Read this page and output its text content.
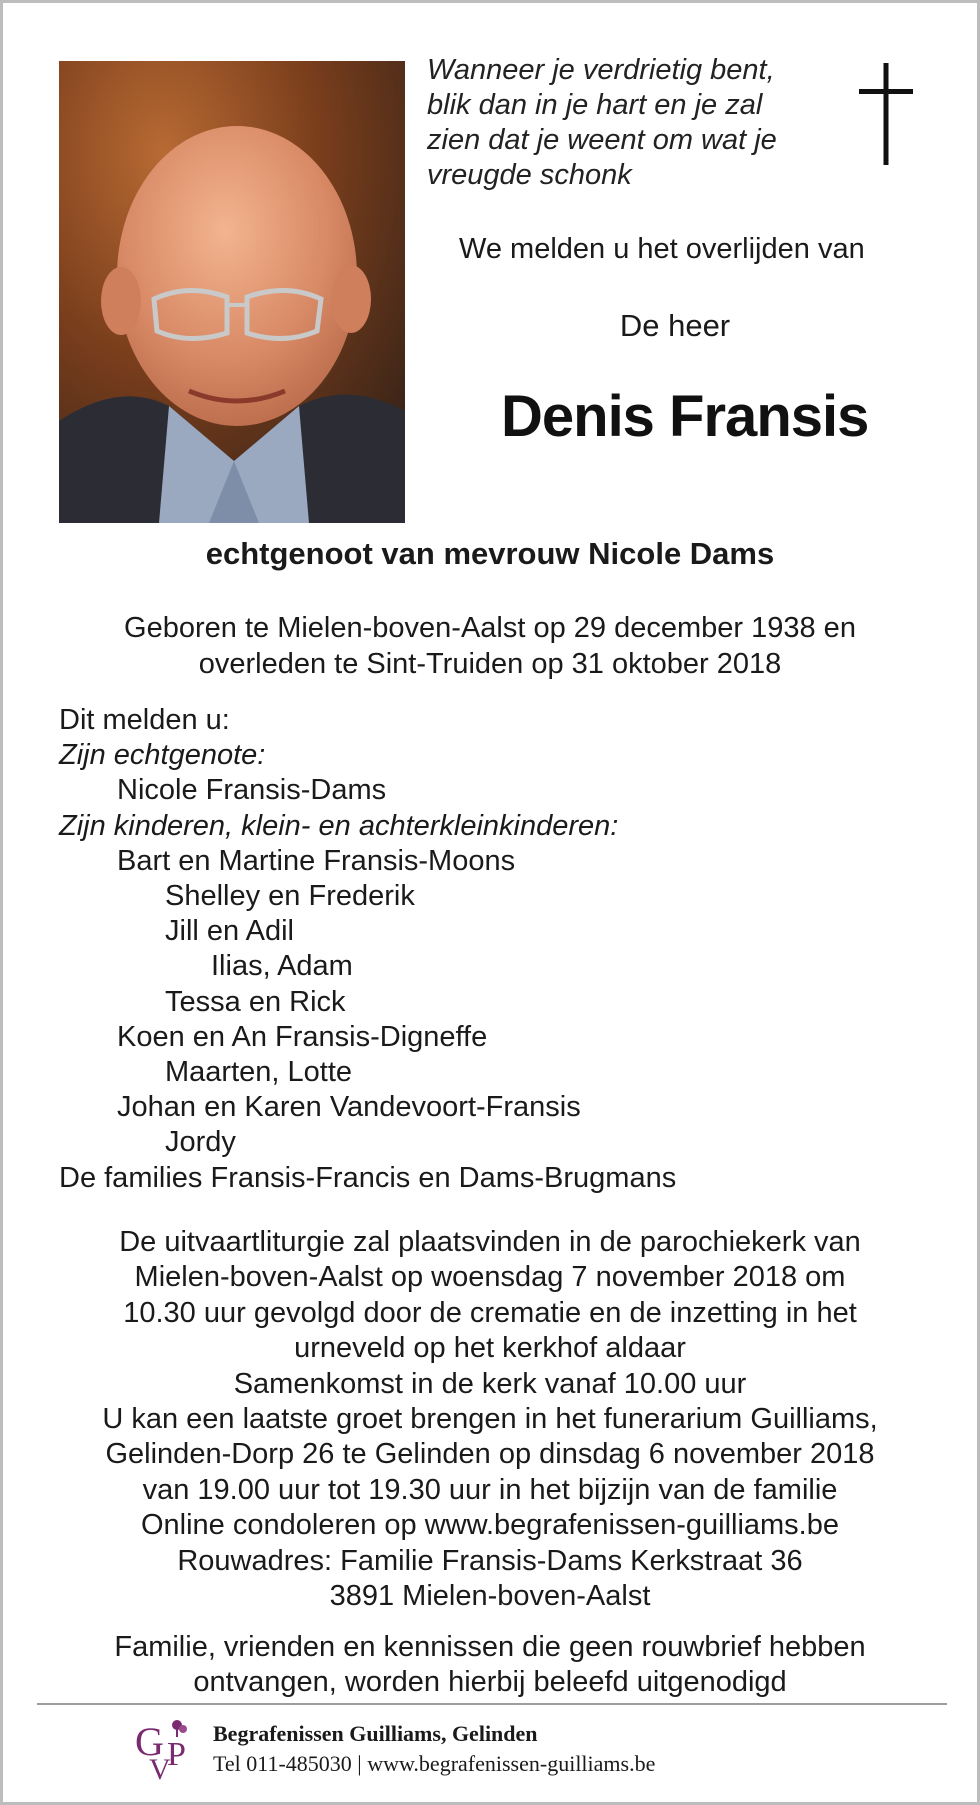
Wanneer je verdrietig bent,
blik dan in je hart en je zal
zien dat je weent om wat je
vreugde schonk
We melden u het overlijden van
De heer
Denis Fransis
echtgenoot van mevrouw Nicole Dams
Geboren te Mielen-boven-Aalst op 29 december 1938 en
overleden te Sint-Truiden op 31 oktober 2018
Dit melden u:
Zijn echtgenote:
Nicole Fransis-Dams
Zijn kinderen, klein- en achterkleinkinderen:
Bart en Martine Fransis-Moons
Shelley en Frederik
Jill en Adil
Ilias, Adam
Tessa en Rick
Koen en An Fransis-Digneffe
Maarten, Lotte
Johan en Karen Vandevoort-Fransis
Jordy
De families Fransis-Francis en Dams-Brugmans
De uitvaartliturgie zal plaatsvinden in de parochiekerk van
Mielen-boven-Aalst op woensdag 7 november 2018 om
10.30 uur gevolgd door de crematie en de inzetting in het
urneveld op het kerkhof aldaar
Samenkomst in de kerk vanaf 10.00 uur
U kan een laatste groet brengen in het funerarium Guilliams,
Gelinden-Dorp 26 te Gelinden op dinsdag 6 november 2018
van 19.00 uur tot 19.30 uur in het bijzijn van de familie
Online condoleren op www.begrafenissen-guilliams.be
Rouwadres: Familie Fransis-Dams Kerkstraat 36
3891 Mielen-boven-Aalst
Familie, vrienden en kennissen die geen rouwbrief hebben
ontvangen, worden hierbij beleefd uitgenodigd
G
V
P
Begrafenissen Guilliams, Gelinden
Tel 011-485030 | www.begrafenissen-guilliams.be
